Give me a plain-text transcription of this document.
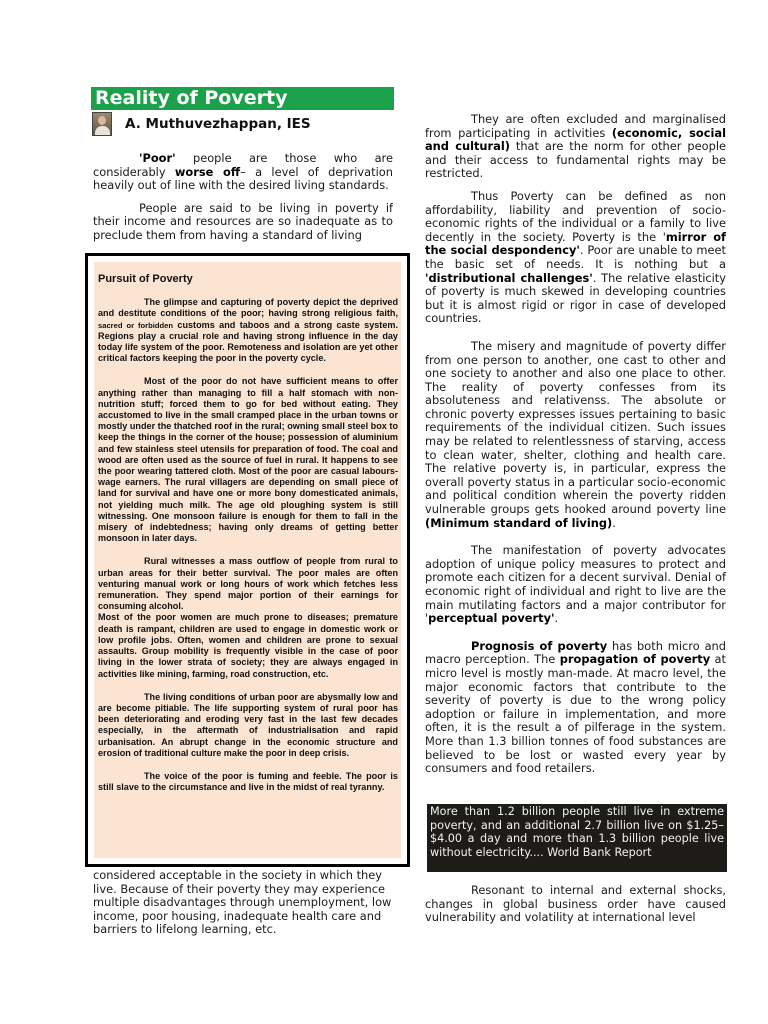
Reality of Poverty
A. Muthuvezhappan, IES

'Poor' people are those who are considerably worse off– a level of deprivation heavily out of line with the desired living standards.

People are said to be living in poverty if their income and resources are so inadequate as to preclude them from having a standard of living

Pursuit of Poverty

The glimpse and capturing of poverty depict the deprived and destitute conditions of the poor; having strong religious faith, sacred or forbidden customs and taboos and a strong caste system. Regions play a crucial role and having strong influence in the day today life system of the poor. Remoteness and isolation are yet other critical factors keeping the poor in the poverty cycle.

Most of the poor do not have sufficient means to offer anything rather than managing to fill a half stomach with non-nutrition stuff; forced them to go for bed without eating. They accustomed to live in the small cramped place in the urban towns or mostly under the thatched roof in the rural; owning small steel box to keep the things in the corner of the house; possession of aluminium and few stainless steel utensils for preparation of food. The coal and wood are often used as the source of fuel in rural. It happens to see the poor wearing tattered cloth. Most of the poor are casual labours- wage earners. The rural villagers are depending on small piece of land for survival and have one or more bony domesticated animals, not yielding much milk. The age old ploughing system is still witnessing. One monsoon failure is enough for them to fall in the misery of indebtedness; having only dreams of getting better monsoon in later days.

Rural witnesses a mass outflow of people from rural to urban areas for their better survival. The poor males are often venturing manual work or long hours of work which fetches less remuneration. They spend major portion of their earnings for consuming alcohol.

Most of the poor women are much prone to diseases; premature death is rampant, children are used to engage in domestic work or low profile jobs. Often, women and children are prone to sexual assaults. Group mobility is frequently visible in the case of poor living in the lower strata of society; they are always engaged in activities like mining, farming, road construction, etc.

The living conditions of urban poor are abysmally low and are become pitiable. The life supporting system of rural poor has been deteriorating and eroding very fast in the last few decades especially, in the aftermath of industrialisation and rapid urbanisation. An abrupt change in the economic structure and erosion of traditional culture make the poor in deep crisis.

The voice of the poor is fuming and feeble. The poor is still slave to the circumstance and live in the midst of real tyranny.

considered acceptable in the society in which they live. Because of their poverty they may experience multiple disadvantages through unemployment, low income, poor housing, inadequate health care and barriers to lifelong learning, etc.

They are often excluded and marginalised from participating in activities (economic, social and cultural) that are the norm for other people and their access to fundamental rights may be restricted.

Thus Poverty can be defined as non affordability, liability and prevention of socio-economic rights of the individual or a family to live decently in the society. Poverty is the 'mirror of the social despondency'. Poor are unable to meet the basic set of needs. It is nothing but a 'distributional challenges'. The relative elasticity of poverty is much skewed in developing countries but it is almost rigid or rigor in case of developed countries.

The misery and magnitude of poverty differ from one person to another, one cast to other and one society to another and also one place to other. The reality of poverty confesses from its absoluteness and relativenss. The absolute or chronic poverty expresses issues pertaining to basic requirements of the individual citizen. Such issues may be related to relentlessness of starving, access to clean water, shelter, clothing and health care. The relative poverty is, in particular, express the overall poverty status in a particular socio-economic and political condition wherein the poverty ridden vulnerable groups gets hooked around poverty line (Minimum standard of living).

The manifestation of poverty advocates adoption of unique policy measures to protect and promote each citizen for a decent survival. Denial of economic right of individual and right to live are the main mutilating factors and a major contributor for 'perceptual poverty'.

Prognosis of poverty has both micro and macro perception. The propagation of poverty at micro level is mostly man-made. At macro level, the major economic factors that contribute to the severity of poverty is due to the wrong policy adoption or failure in implementation, and more often, it is the result a of pilferage in the system. More than 1.3 billion tonnes of food substances are believed to be lost or wasted every year by consumers and food retailers.

More than 1.2 billion people still live in extreme poverty, and an additional 2.7 billion live on $1.25–$4.00 a day and more than 1.3 billion people live without electricity.... World Bank Report

Resonant to internal and external shocks, changes in global business order have caused vulnerability and volatility at international level
